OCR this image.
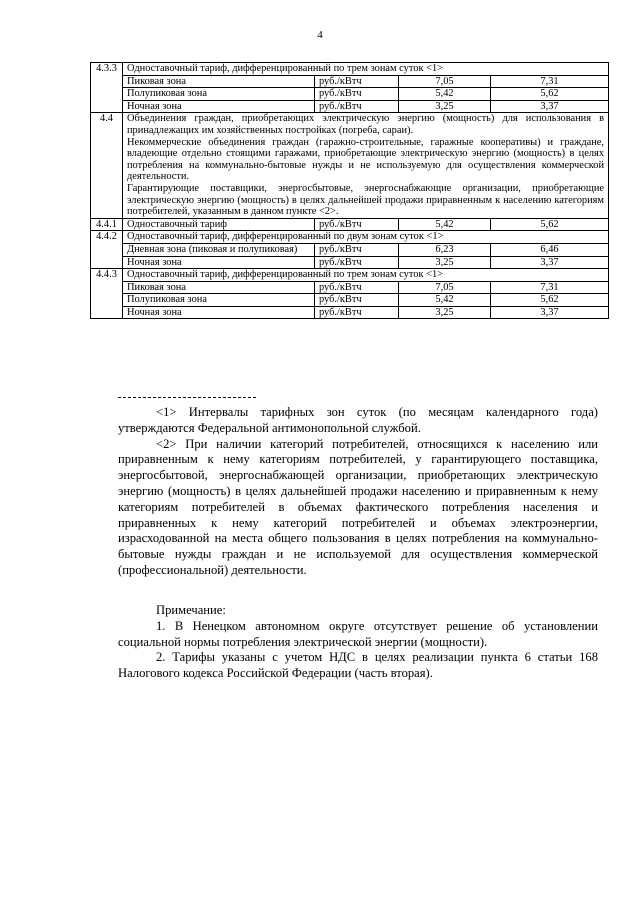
4
4.3.3	Одноставочный тариф, дифференцированный по трем зонам суток <1>			
	Пиковая зона	руб./кВтч	7,05	7,31
	Полупиковая зона	руб./кВтч	5,42	5,62
	Ночная зона	руб./кВтч	3,25	3,37
4.4	Объединения граждан, приобретающих электрическую энергию (мощность) для использования в принадлежащих им хозяйственных постройках (погреба, сараи).

Некоммерческие объединения граждан (гаражно-строительные, гаражные кооперативы) и граждане, владеющие отдельно стоящими гаражами, приобретающие электрическую энергию (мощность) в целях потребления на коммунально-бытовые нужды и не используемую для осуществления коммерческой деятельности.

Гарантирующие поставщики, энергосбытовые, энергоснабжающие организации, приобретающие электрическую энергию (мощность) в целях дальнейшей продажи приравненным к населению категориям потребителей, указанным в данном пункте <2>.			

4.4.1	Одноставочный тариф	руб./кВтч	5,42	5,62
4.4.2	Одноставочный тариф, дифференцированный по двум зонам суток <1>			
	Дневная зона (пиковая и полупиковая)	руб./кВтч	6,23	6,46
	Ночная зона	руб./кВтч	3,25	3,37
4.4.3	Одноставочный тариф, дифференцированный по трем зонам суток <1>			
	Пиковая зона	руб./кВтч	7,05	7,31
	Полупиковая зона	руб./кВтч	5,42	5,62
	Ночная зона	руб./кВтч	3,25	3,37

<1> Интервалы тарифных зон суток (по месяцам календарного года) утверждаются Федеральной антимонопольной службой.

<2> При наличии категорий потребителей, относящихся к населению или приравненным к нему категориям потребителей, у гарантирующего поставщика, энергосбытовой, энергоснабжающей организации, приобретающих электрическую энергию (мощность) в целях дальнейшей продажи населению и приравненным к нему категориям потребителей в объемах фактического потребления населения и приравненных к нему категорий потребителей и объемах электроэнергии, израсходованной на места общего пользования в целях потребления на коммунально-бытовые нужды граждан и не используемой для осуществления коммерческой (профессиональной) деятельности.

Примечание:

1. В Ненецком автономном округе отсутствует решение об установлении социальной нормы потребления электрической энергии (мощности).

2. Тарифы указаны с учетом НДС в целях реализации пункта 6 статьи 168 Налогового кодекса Российской Федерации (часть вторая).
